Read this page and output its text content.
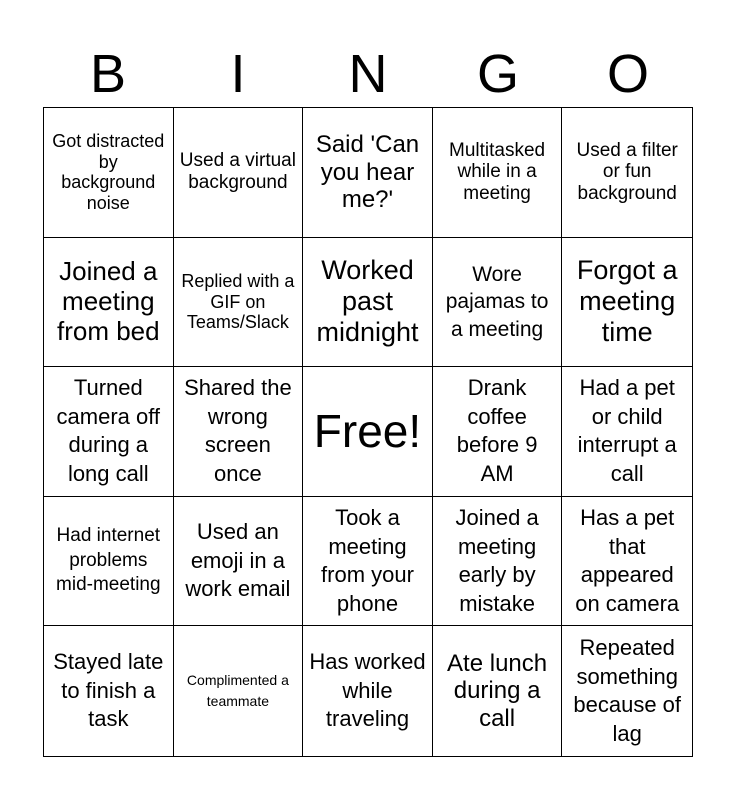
B	I	N	G	O
Got distracted by background noise
Used a virtual background
Said 'Can you hear me?'
Multitasked while in a meeting
Used a filter or fun background
Joined a meeting from bed
Replied with a GIF on Teams/Slack
Worked past midnight
Wore pajamas to a meeting
Forgot a meeting time
Turned camera off during a long call
Shared the wrong screen once
Free!
Drank coffee before 9 AM
Had a pet or child interrupt a call
Had internet problems mid-meeting
Used an emoji in a work email
Took a meeting from your phone
Joined a meeting early by mistake
Has a pet that appeared on camera
Stayed late to finish a task
Complimented a teammate
Has worked while traveling
Ate lunch during a call
Repeated something because of lag
